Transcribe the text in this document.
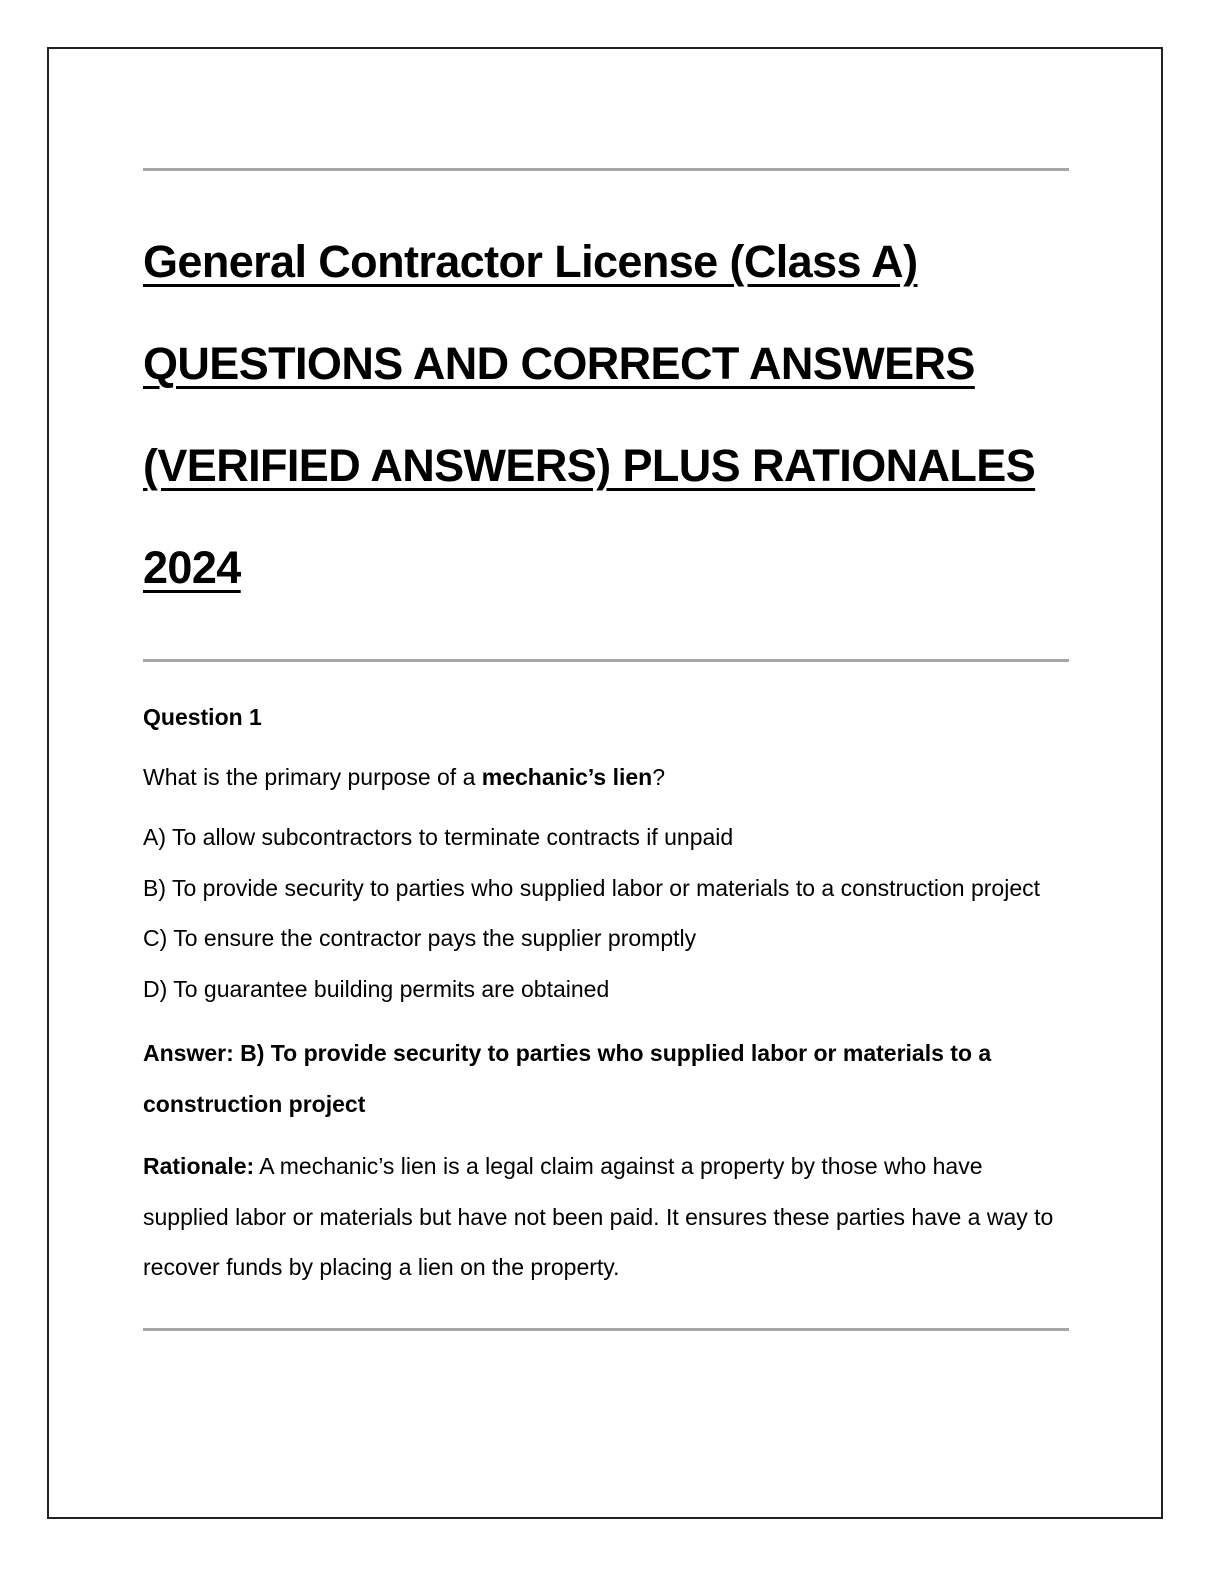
General Contractor License (Class A)
QUESTIONS AND CORRECT ANSWERS
(VERIFIED ANSWERS) PLUS RATIONALES
2024
Question 1
What is the primary purpose of a mechanic’s lien?
A) To allow subcontractors to terminate contracts if unpaid
B) To provide security to parties who supplied labor or materials to a construction project
C) To ensure the contractor pays the supplier promptly
D) To guarantee building permits are obtained
Answer: B) To provide security to parties who supplied labor or materials to a construction project
Rationale: A mechanic’s lien is a legal claim against a property by those who have supplied labor or materials but have not been paid. It ensures these parties have a way to recover funds by placing a lien on the property.
